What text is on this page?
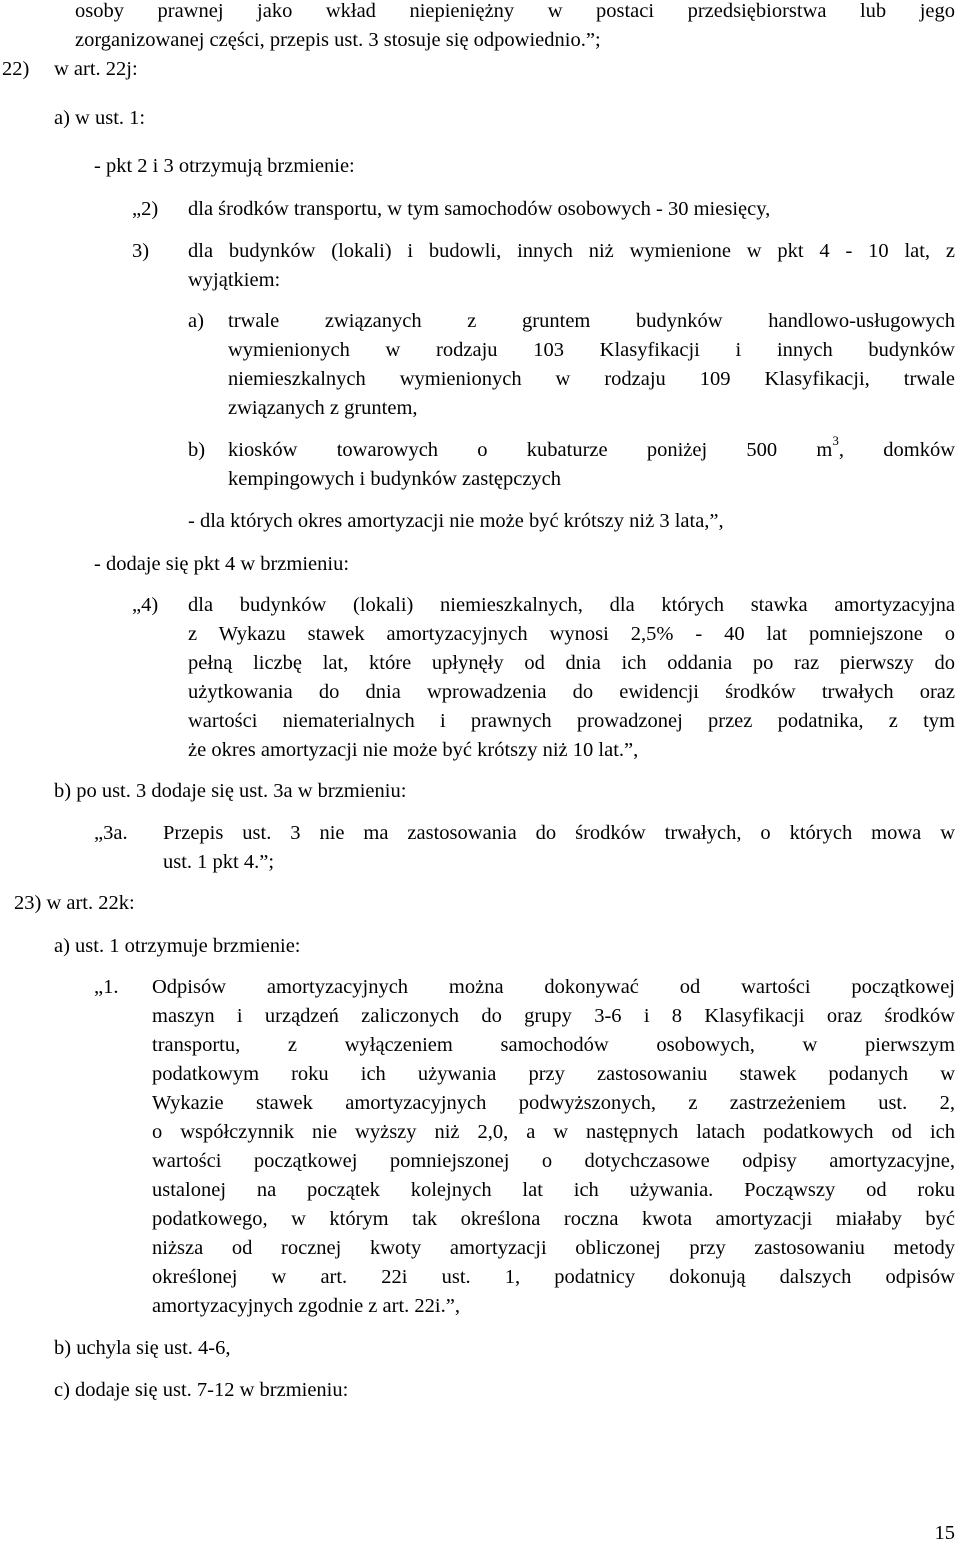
osoby prawnej jako wkład niepieniężny w postaci przedsiębiorstwa lub jego
zorganizowanej części, przepis ust. 3 stosuje się odpowiednio.”;
22) w art. 22j:
a) w ust. 1:
- pkt 2 i 3 otrzymują brzmienie:
„2) dla środków transportu, w tym samochodów osobowych - 30 miesięcy,
3) dla budynków (lokali) i budowli, innych niż wymienione w pkt 4 - 10 lat, z
wyjątkiem:
a) trwale związanych z gruntem budynków handlowo-usługowych
wymienionych w rodzaju 103 Klasyfikacji i innych budynków
niemieszkalnych wymienionych w rodzaju 109 Klasyfikacji, trwale
związanych z gruntem,
b) kiosków towarowych o kubaturze poniżej 500 $m^3$, domków
kempingowych i budynków zastępczych
- dla których okres amortyzacji nie może być krótszy niż 3 lata,”,
- dodaje się pkt 4 w brzmieniu:
„4) dla budynków (lokali) niemieszkalnych, dla których stawka amortyzacyjna
z Wykazu stawek amortyzacyjnych wynosi 2,5% - 40 lat pomniejszone o
pełną liczbę lat, które upłynęły od dnia ich oddania po raz pierwszy do
użytkowania do dnia wprowadzenia do ewidencji środków trwałych oraz
wartości niematerialnych i prawnych prowadzonej przez podatnika, z tym
że okres amortyzacji nie może być krótszy niż 10 lat.”,
b) po ust. 3 dodaje się ust. 3a w brzmieniu:
„3a. Przepis ust. 3 nie ma zastosowania do środków trwałych, o których mowa w
ust. 1 pkt 4.”;
23) w art. 22k:
a) ust. 1 otrzymuje brzmienie:
„1. Odpisów amortyzacyjnych można dokonywać od wartości początkowej
maszyn i urządzeń zaliczonych do grupy 3-6 i 8 Klasyfikacji oraz środków
transportu, z wyłączeniem samochodów osobowych, w pierwszym
podatkowym roku ich używania przy zastosowaniu stawek podanych w
Wykazie stawek amortyzacyjnych podwyższonych, z zastrzeżeniem ust. 2,
o współczynnik nie wyższy niż 2,0, a w następnych latach podatkowych od ich
wartości początkowej pomniejszonej o dotychczasowe odpisy amortyzacyjne,
ustalonej na początek kolejnych lat ich używania. Począwszy od roku
podatkowego, w którym tak określona roczna kwota amortyzacji miałaby być
niższa od rocznej kwoty amortyzacji obliczonej przy zastosowaniu metody
określonej w art. 22i ust. 1, podatnicy dokonują dalszych odpisów
amortyzacyjnych zgodnie z art. 22i.”,
b) uchyla się ust. 4-6,
c) dodaje się ust. 7-12 w brzmieniu:
15
